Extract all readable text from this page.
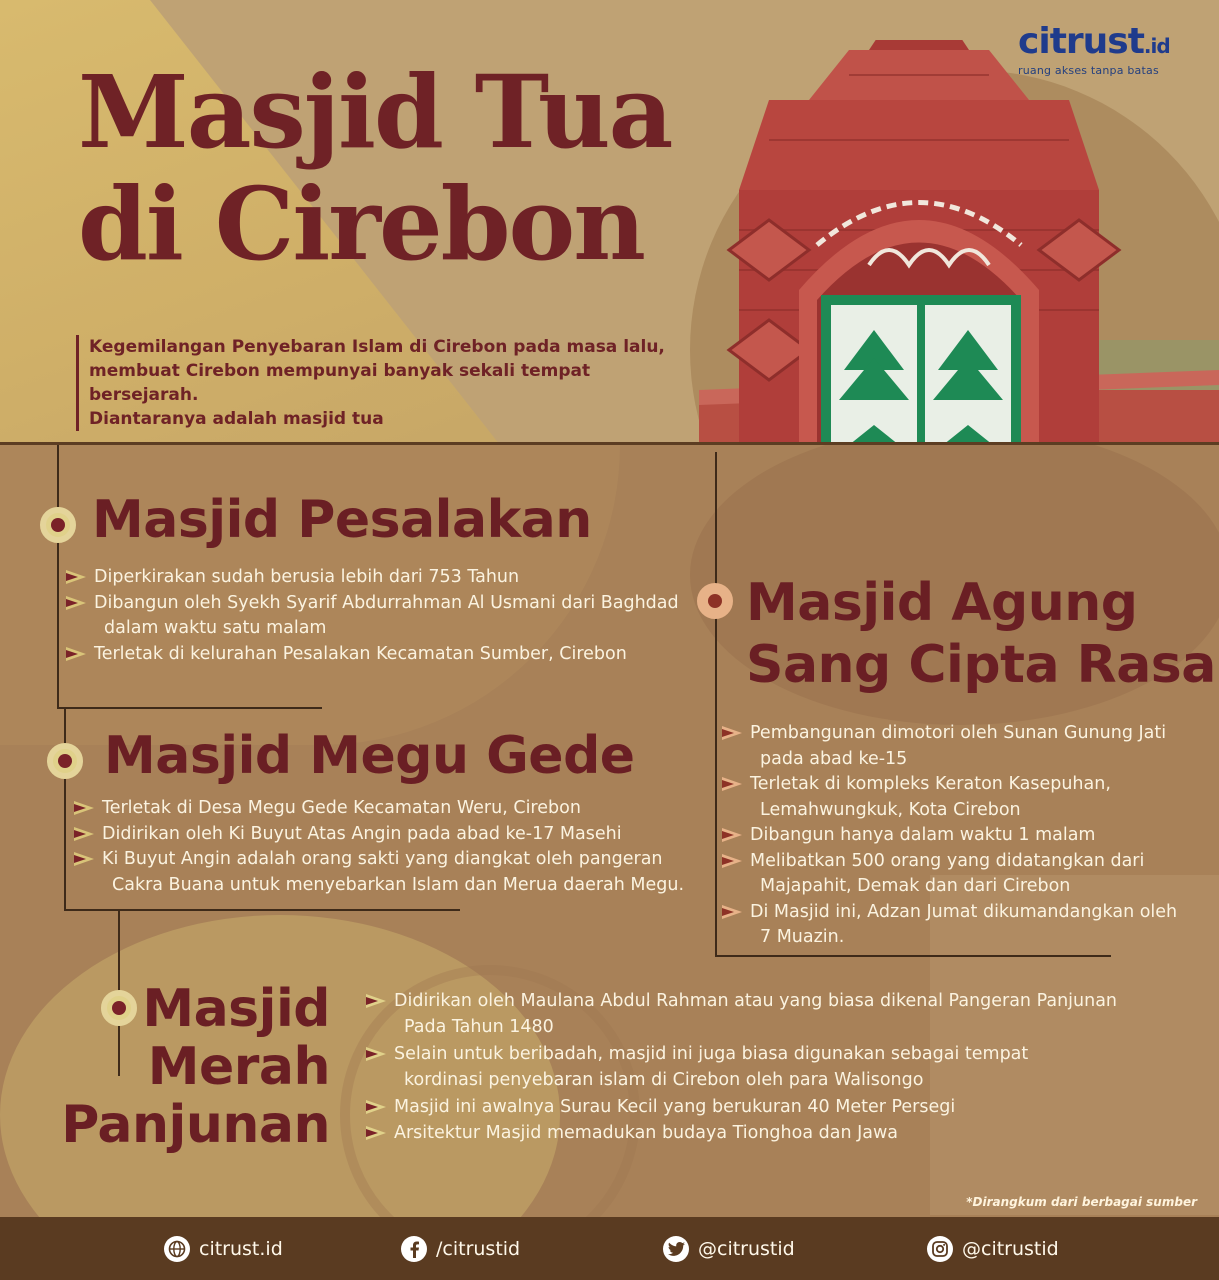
citrust.id
ruang akses tanpa batas
Masjid Tua
di Cirebon
Kegemilangan Penyebaran Islam di Cirebon pada masa lalu,
membuat Cirebon mempunyai banyak sekali tempat bersejarah.
Diantaranya adalah masjid tua
Masjid Pesalakan
Diperkirakan sudah berusia lebih dari 753 Tahun
Dibangun oleh Syekh Syarif Abdurrahman Al Usmani dari Baghdad
dalam waktu satu malam
Terletak di kelurahan Pesalakan Kecamatan Sumber, Cirebon
Masjid Megu Gede
Terletak di Desa Megu Gede Kecamatan Weru, Cirebon
Didirikan oleh Ki Buyut Atas Angin pada abad ke-17 Masehi
Ki Buyut Angin adalah orang sakti yang diangkat oleh pangeran
Cakra Buana untuk menyebarkan Islam dan Merua daerah Megu.
Masjid Agung
Sang Cipta Rasa
Pembangunan dimotori oleh Sunan Gunung Jati
pada abad ke-15
Terletak di kompleks Keraton Kasepuhan,
Lemahwungkuk, Kota Cirebon
Dibangun hanya dalam waktu 1 malam
Melibatkan 500 orang yang didatangkan dari
Majapahit, Demak dan dari Cirebon
Di Masjid ini, Adzan Jumat dikumandangkan oleh
7 Muazin.
Masjid
Merah
Panjunan
Didirikan oleh Maulana Abdul Rahman atau yang biasa dikenal Pangeran Panjunan
Pada Tahun 1480
Selain untuk beribadah, masjid ini juga biasa digunakan sebagai tempat
kordinasi penyebaran islam di Cirebon oleh para Walisongo
Masjid ini awalnya Surau Kecil yang berukuran 40 Meter Persegi
Arsitektur Masjid memadukan budaya Tionghoa dan Jawa
*Dirangkum dari berbagai sumber
citrust.id	/citrustid	@citrustid	@citrustid
